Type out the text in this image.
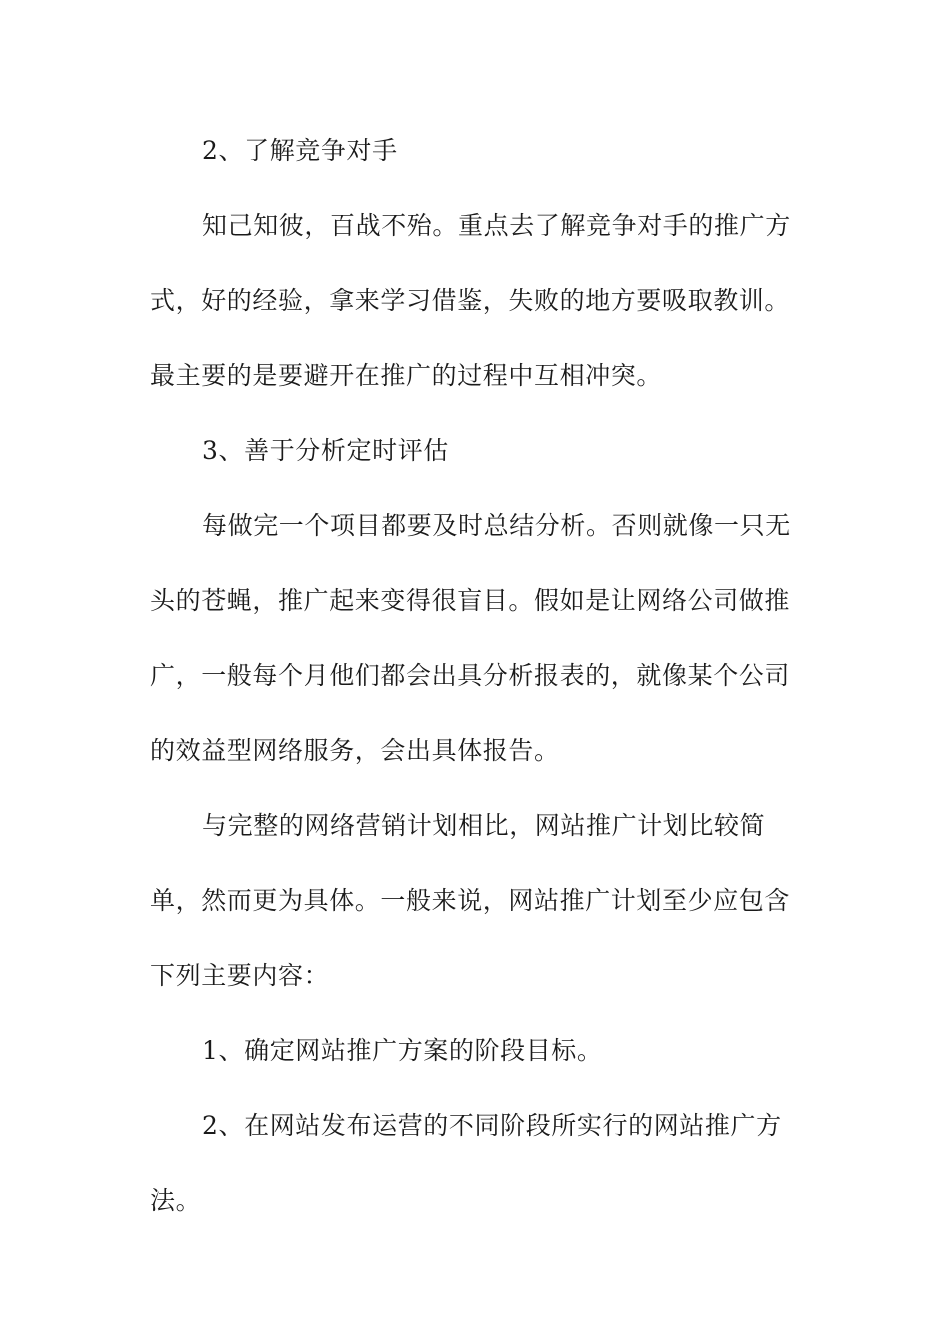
2、了解竞争对手

知己知彼，百战不殆。重点去了解竞争对手的推广方

式，好的经验，拿来学习借鉴，失败的地方要吸取教训。

最主要的是要避开在推广的过程中互相冲突。

3、善于分析定时评估

每做完一个项目都要及时总结分析。否则就像一只无

头的苍蝇，推广起来变得很盲目。假如是让网络公司做推

广，一般每个月他们都会出具分析报表的，就像某个公司

的效益型网络服务，会出具体报告。

与完整的网络营销计划相比，网站推广计划比较简

单，然而更为具体。一般来说，网站推广计划至少应包含

下列主要内容：

1、确定网站推广方案的阶段目标。

2、在网站发布运营的不同阶段所实行的网站推广方

法。
